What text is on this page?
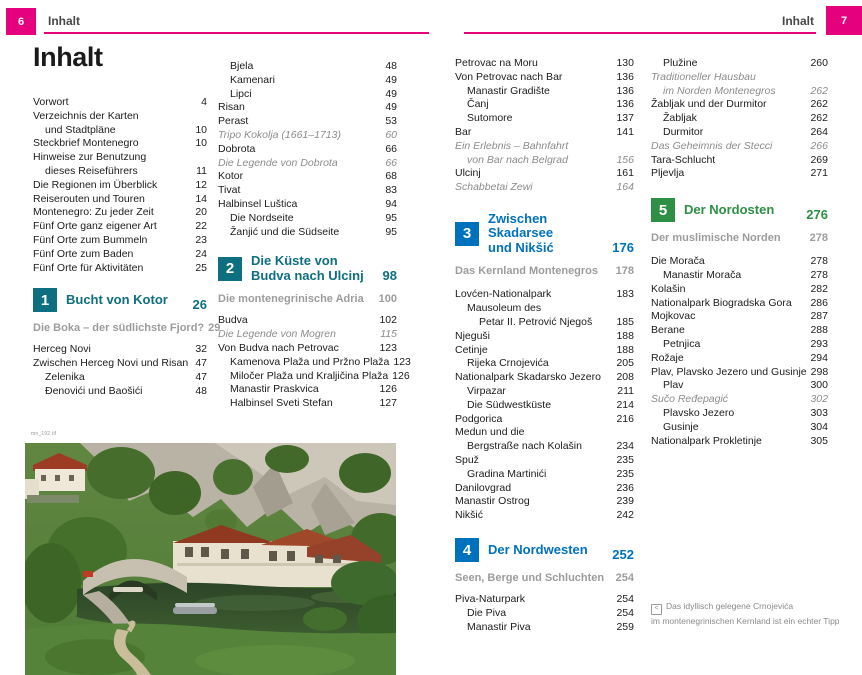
6	Inhalt	Inhalt	7
Inhalt
Vorwort	4
Verzeichnis der Karten
und Stadtpläne	10
Steckbrief Montenegro	10
Hinweise zur Benutzung
dieses Reiseführers	11
Die Regionen im Überblick	12
Reiserouten und Touren	14
Montenegro: Zu jeder Zeit	20
Fünf Orte ganz eigener Art	22
Fünf Orte zum Bummeln	23
Fünf Orte zum Baden	24
Fünf Orte für Aktivitäten	25
1	Bucht von Kotor	26
Die Boka – der südlichste Fjord? 29
Herceg Novi	32
Zwischen Herceg Novi und Risan 47
Zelenika	47
Đenovići und Baošići	48
Bjela	48
Kamenari	49
Lipci	49
Risan	49
Perast	53
Tripo Kokolja (1661–1713)	60
Dobrota	66
Die Legende von Dobrota	66
Kotor	68
Tivat	83
Halbinsel Luštica	94
Die Nordseite	95
Žanjić und die Südseite	95
2	Die Küste von
Budva nach Ulcinj	98
Die montenegrinische Adria	100
Budva	102
Die Legende von Mogren	115
Von Budva nach Petrovac	123
Kamenova Plaža und Pržno Plaža 123
Miločer Plaža und Kraljičina Plaža 126
Manastir Praskvica	126
Halbinsel Sveti Stefan	127
Petrovac na Moru	130
Von Petrovac nach Bar	136
Manastir Gradište	136
Čanj	136
Sutomore	137
Bar	141
Ein Erlebnis – Bahnfahrt
von Bar nach Belgrad	156
Ulcinj	161
Schabbetai Zewi	164
3
Zwischen Skadarsee
und Nikšić	176
Das Kernland Montenegros	178
Lovćen-Nationalpark	183
Mausoleum des
Petar II. Petrović Njegoš	185
Njeguši	188
Cetinje	188
Rijeka Crnojevića	205
Nationalpark Skadarsko Jezero	208
Virpazar	211
Die Südwestküste	214
Podgorica	216
Medun und die
Bergstraße nach Kolašin	234
Spuž	235
Gradina Martinići	235
Danilovgrad	236
Manastir Ostrog	239
Nikšić	242
4	Der Nordwesten	252
Seen, Berge und Schluchten	254
Piva-Naturpark	254
Die Piva	254
Manastir Piva	259
Plužine	260
Traditioneller Hausbau
im Norden Montenegros	262
Žabljak und der Durmitor	262
Žabljak	262
Durmitor	264
Das Geheimnis der Stecci	266
Tara-Schlucht	269
Pljevlja	271
5	Der Nordosten	276
Der muslimische Norden	278
Die Morača	278
Manastir Morača	278
Kolašin	282
Nationalpark Biogradska Gora	286
Mojkovac	287
Berane	288
Petnjica	293
Rožaje	294
Plav, Plavsko Jezero und Gusinje 298
Plav	300
Sučo Ređepagić	302
Plavsko Jezero	303
Gusinje	304
Nationalpark Prokletinje	305
mn_192.tif
< Das idyllisch gelegene Crnojevića
im montenegrinischen Kernland ist ein echter Tipp
